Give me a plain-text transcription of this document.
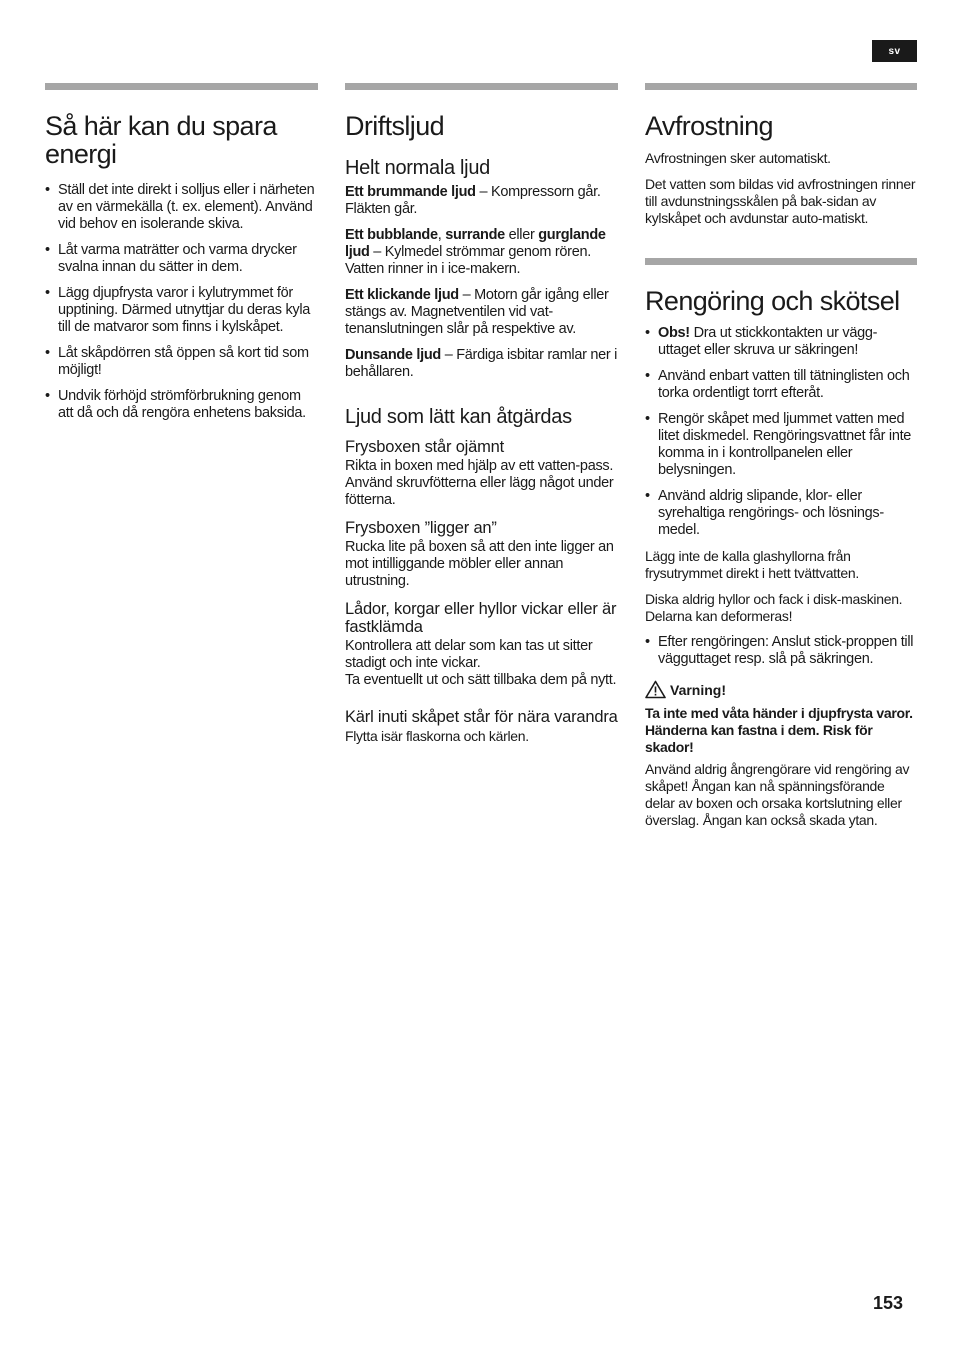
sv
Så här kan du spara energi
• Ställ det inte direkt i solljus eller i närheten av en värmekälla (t. ex. element). Använd vid behov en isolerande skiva.
• Låt varma maträtter och varma drycker svalna innan du sätter in dem.
• Lägg djupfrysta varor i kylutrymmet för upptining. Därmed utnyttjar du deras kyla till de matvaror som finns i kylskåpet.
• Låt skåpdörren stå öppen så kort tid som möjligt!
• Undvik förhöjd strömförbrukning genom att då och då rengöra enhetens baksida.
Driftsljud
Helt normala ljud

Ett brummande ljud – Kompressorn går. Fläkten går.

Ett bubblande, surrande eller gurglande ljud – Kylmedel strömmar genom rören. Vatten rinner in i ice-makern.

Ett klickande ljud – Motorn går igång eller stängs av. Magnetventilen vid vat-tenanslutningen slår på respektive av.

Dunsande ljud – Färdiga isbitar ramlar ner i behållaren.

Ljud som lätt kan åtgärdas
Frysboxen står ojämnt

Rikta in boxen med hjälp av ett vatten-pass. Använd skruvfötterna eller lägg något under fötterna.

Frysboxen ”ligger an”

Rucka lite på boxen så att den inte ligger an mot intilliggande möbler eller annan utrustning.

Lådor, korgar eller hyllor vickar eller är fastklämda

Kontrollera att delar som kan tas ut sitter stadigt och inte vickar.
Ta eventuellt ut och sätt tillbaka dem på nytt.

Kärl inuti skåpet står för nära varandra

Flytta isär flaskorna och kärlen.

Avfrostning

Avfrostningen sker automatiskt.

Det vatten som bildas vid avfrostningen rinner till avdunstningsskålen på bak-sidan av kylskåpet och avdunstar auto-matiskt.

Rengöring och skötsel
• Obs! Dra ut stickkontakten ur vägg-uttaget eller skruva ur säkringen!
• Använd enbart vatten till tätninglisten och torka ordentligt torrt efteråt.
• Rengör skåpet med ljummet vatten med litet diskmedel. Rengöringsvattnet får inte komma in i kontrollpanelen eller belysningen.
• Använd aldrig slipande, klor- eller syrehaltiga rengörings- och lösnings-medel.

Lägg inte de kalla glashyllorna från frysutrymmet direkt i hett tvättvatten.

Diska aldrig hyllor och fack i disk-maskinen. Delarna kan deformeras!

• Efter rengöringen: Anslut stick-proppen till vägguttaget resp. slå på säkringen.
Varning!

Ta inte med våta händer i djupfrysta varor. Händerna kan fastna i dem. Risk för skador!

Använd aldrig ångrengörare vid rengöring av skåpet! Ångan kan nå spänningsförande delar av boxen och orsaka kortslutning eller överslag. Ångan kan också skada ytan.

153
